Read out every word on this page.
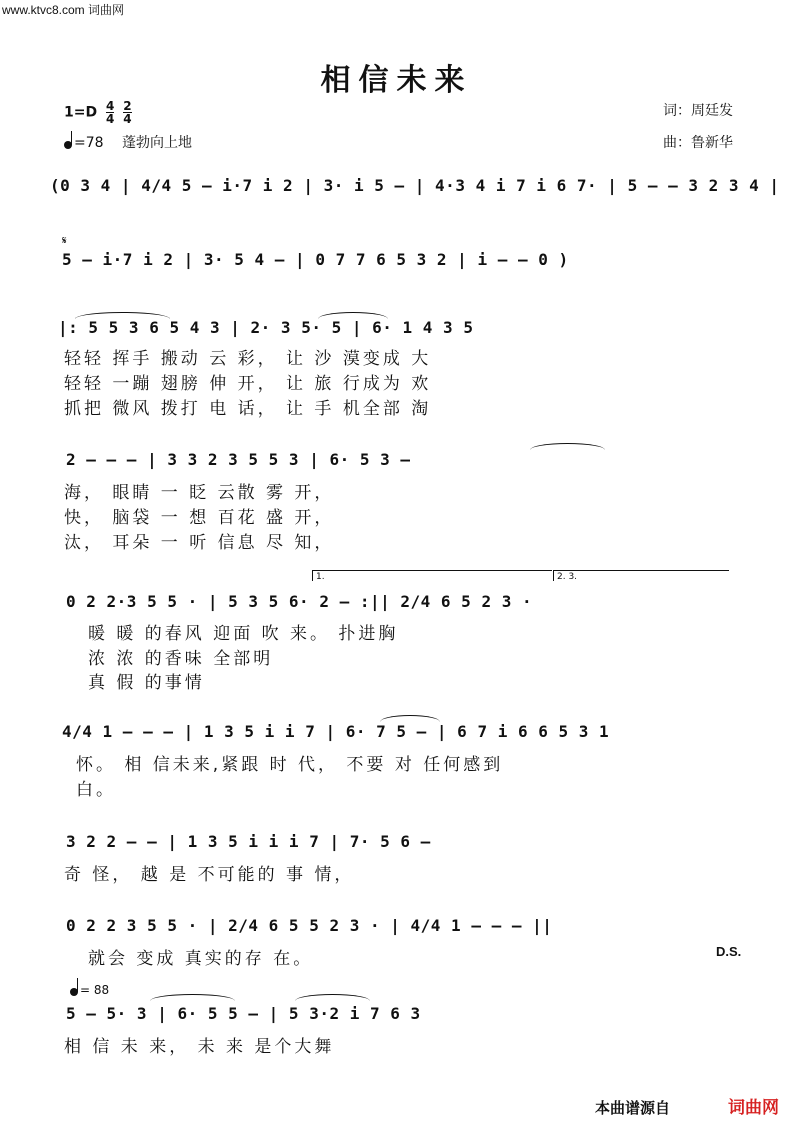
www.ktvc8.com 词曲网
相信未来
$1=D \frac{4}{4}$
$\frac{2}{4}$
=78 蓬勃向上地
词：周廷发
曲：鲁新华
(0 3 4 | 4/4 5 – i·7 i 2 | 3· i 5 – | 4·3 4 i 7 i 6 7· | 5 – – 3 2 3 4 |
5 – i·7 i 2 | 3· 5 4 – | 0 7 7 6 5 3 2 | i – – 0 )
𝄋
|: 5 5 3 6 5 4 3 | 2· 3 5· 5 | 6· 1 4 3 5
轻轻 挥手 搬动 云 彩， 让 沙 漠变成 大
轻轻 一蹦 翅膀 伸 开， 让 旅 行成为 欢
抓把 微风 拨打 电 话， 让 手 机全部 淘
2 – – – | 3 3 2 3 5 5 3 | 6· 5 3 –
海， 眼睛 一 眨 云散 雾 开，
快， 脑袋 一 想 百花 盛 开，
汰， 耳朵 一 听 信息 尽 知，
1.	2. 3.
0 2 2·3 5 5 · | 5 3 5 6· 2 – :|| 2/4 6 5 2 3 ·
暖 暖 的春风 迎面 吹 来。 扑进胸
浓 浓 的香味 全部明
真 假 的事情
4/4 1 – – – | 1 3 5 i i 7 | 6· 7 5 – | 6 7 i 6 6 5 3 1
怀。 相 信未来,紧跟 时 代， 不要 对 任何感到
白。
3 2 2 – – | 1 3 5 i i i 7 | 7· 5 6 –
奇 怪， 越 是 不可能的 事 情，
0 2 2 3 5 5 · | 2/4 6 5 5 2 3 · | 4/4 1 – – – ||
就会 变成 真实的存 在。	D.S.
= 88
5 – 5· 3 | 6· 5 5 – | 5 3·2 i 7 6 3
相 信 未 来， 未 来 是个大舞
本曲谱源自	词曲网
